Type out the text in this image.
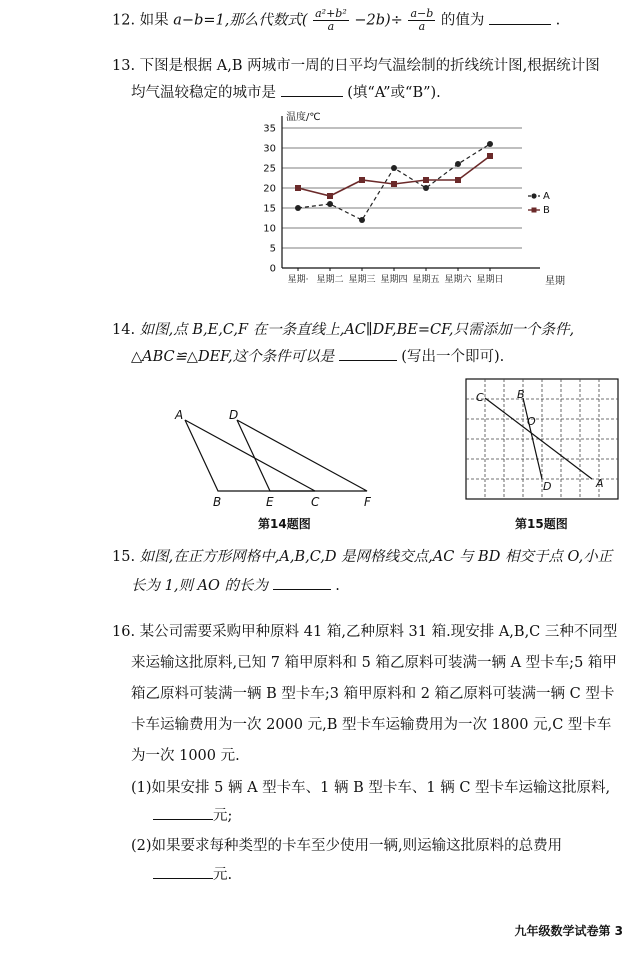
12. 如果 a−b=1,那么代数式( $\frac{\text{a²+b²}}{a} -2b)\div \frac{a-b}{a}$ 的值为	.
13. 下图是根据 A,B 两城市一周的日平均气温绘制的折线统计图,根据统计图
均气温较稳定的城市是	(填“A”或“B”).
温度/℃
星期
0
5
10
15
20
25
30
35
星期· 星期二 星期三 星期四 星期五 星期六 星期日
A
B
14. 如图,点 B,E,C,F 在一条直线上,AC∥DF,BE=CF,只需添加一个条件,
△ABC≌△DEF,这个条件可以是	(写出一个即可).
A	D
B	E	C	F
第14题图
C	B
O
D	A
第15题图
15. 如图,在正方形网格中,A,B,C,D 是网格线交点,AC 与 BD 相交于点 O,小正
长为 1,则 AO 的长为	.
16. 某公司需要采购甲种原料 41 箱,乙种原料 31 箱.现安排 A,B,C 三种不同型
来运输这批原料,已知 7 箱甲原料和 5 箱乙原料可装满一辆 A 型卡车;5 箱甲
箱乙原料可装满一辆 B 型卡车;3 箱甲原料和 2 箱乙原料可装满一辆 C 型卡
卡车运输费用为一次 2000 元,B 型卡车运输费用为一次 1800 元,C 型卡车
为一次 1000 元.
(1)如果安排 5 辆 A 型卡车、1 辆 B 型卡车、1 辆 C 型卡车运输这批原料,
元;
(2)如果要求每种类型的卡车至少使用一辆,则运输这批原料的总费用
元.
九年级数学试卷第 3
